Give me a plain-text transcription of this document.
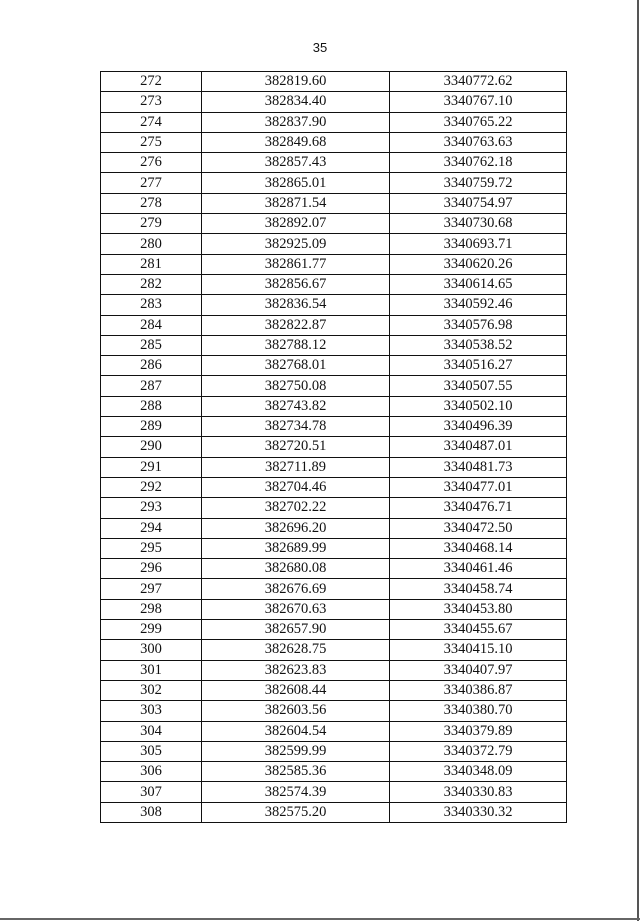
35
272	382819.60	3340772.62
273	382834.40	3340767.10
274	382837.90	3340765.22
275	382849.68	3340763.63
276	382857.43	3340762.18
277	382865.01	3340759.72
278	382871.54	3340754.97
279	382892.07	3340730.68
280	382925.09	3340693.71
281	382861.77	3340620.26
282	382856.67	3340614.65
283	382836.54	3340592.46
284	382822.87	3340576.98
285	382788.12	3340538.52
286	382768.01	3340516.27
287	382750.08	3340507.55
288	382743.82	3340502.10
289	382734.78	3340496.39
290	382720.51	3340487.01
291	382711.89	3340481.73
292	382704.46	3340477.01
293	382702.22	3340476.71
294	382696.20	3340472.50
295	382689.99	3340468.14
296	382680.08	3340461.46
297	382676.69	3340458.74
298	382670.63	3340453.80
299	382657.90	3340455.67
300	382628.75	3340415.10
301	382623.83	3340407.97
302	382608.44	3340386.87
303	382603.56	3340380.70
304	382604.54	3340379.89
305	382599.99	3340372.79
306	382585.36	3340348.09
307	382574.39	3340330.83
308	382575.20	3340330.32
